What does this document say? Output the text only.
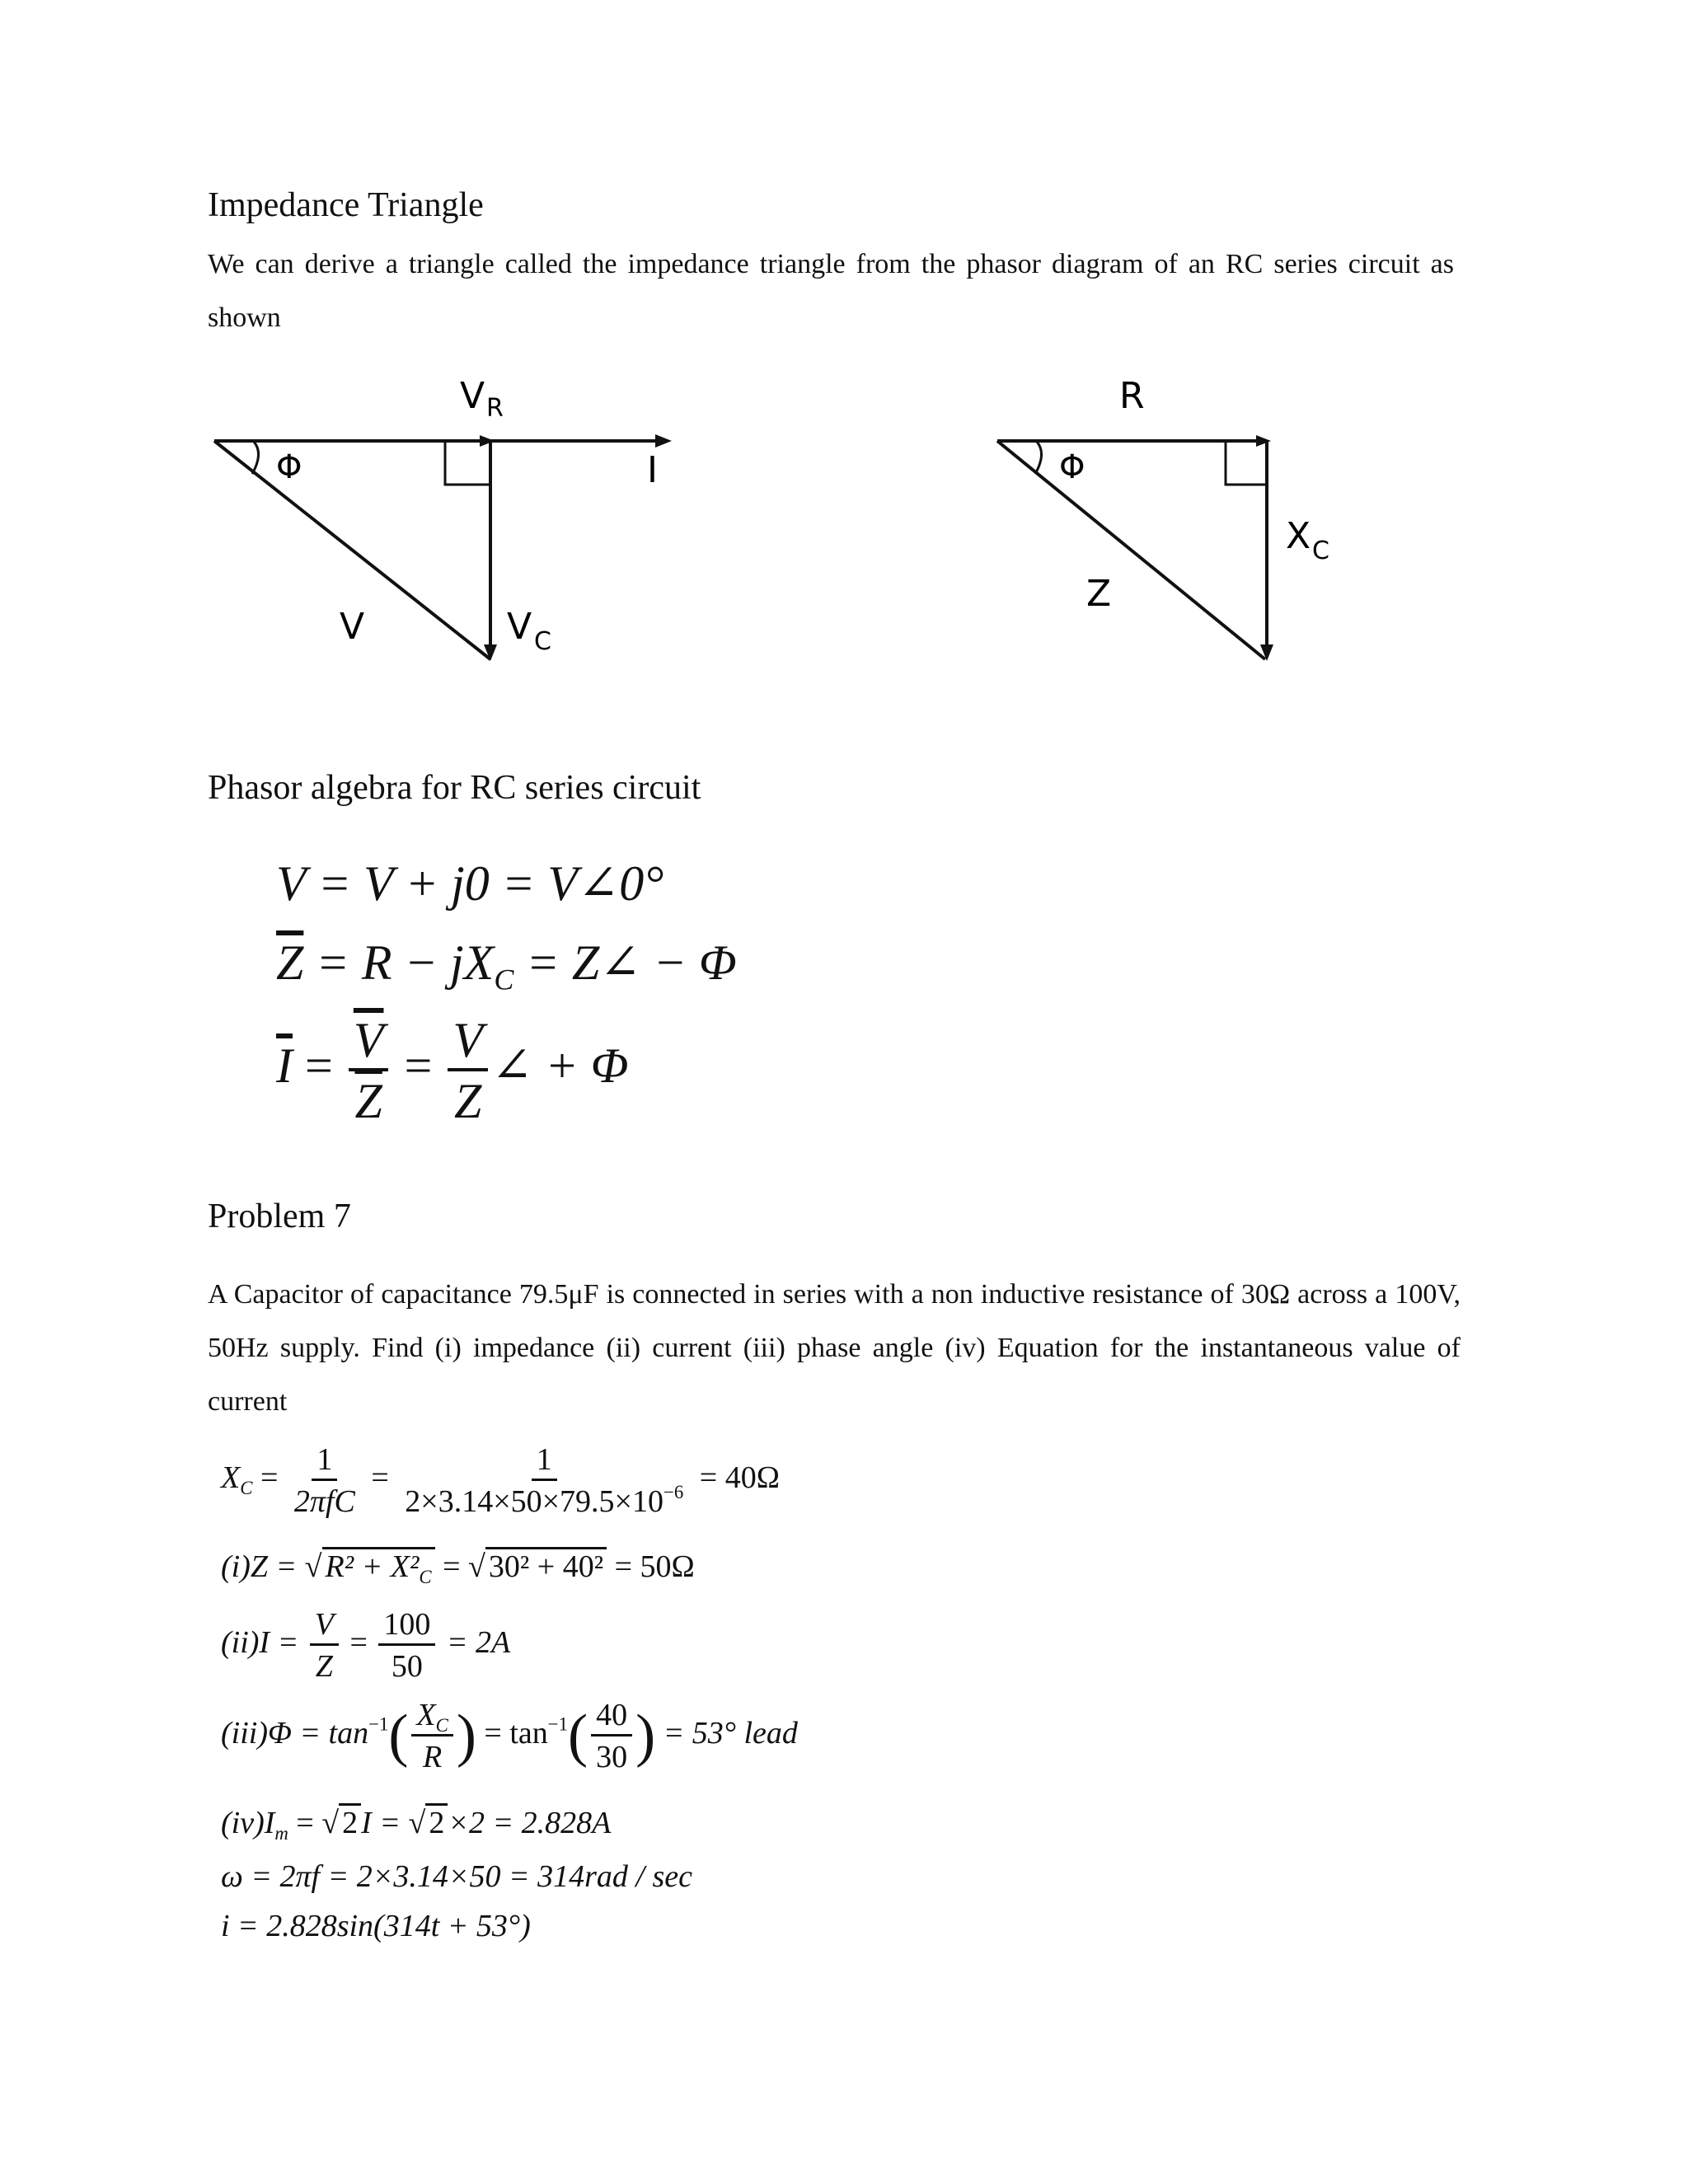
Impedance Triangle
We can derive a triangle called the impedance triangle from the phasor diagram of an RC series circuit as shown
V R
I
Φ
V	V C
R
Φ
Z
X C
Phasor algebra for RC series circuit
V = V + j0 = V∠0°
$\overline{Z} = R - jX_C$ = Z∠ − Φ
$\overline{I} = \frac{\overline{V}}{Z} = \frac{V}{Z}$ ∠ + Φ
Problem 7
A Capacitor of capacitance 79.5μF is connected in series with a non inductive resistance of 30Ω across a 100V, 50Hz supply. Find (i) impedance (ii) current (iii) phase angle (iv) Equation for the instantaneous value of current
$X_C = \frac{1}{\text{2πfC}} = \frac{1}{2\times 3.14\times 50\times 79.5\times 10^{-6}} = 40\Omega$
(i)Z = √ $R^2 + X^2_C$ = √ 30² + 40² = 50Ω
$(ii)I = \frac{V}{Z} = \frac{100}{50} = 2A$
$(iii)\Phi = \tan^{-1}( \frac{X_C}{R}$ ) = $\tan^{-1}( \frac{40}{30}$ ) = 53° lead
$(iv)I_m$ = √ 2 I = √ 2 ×2 = 2.828A
ω = 2πf = 2×3.14×50 = 314rad / sec
i = 2.828sin(314t + 53°)
